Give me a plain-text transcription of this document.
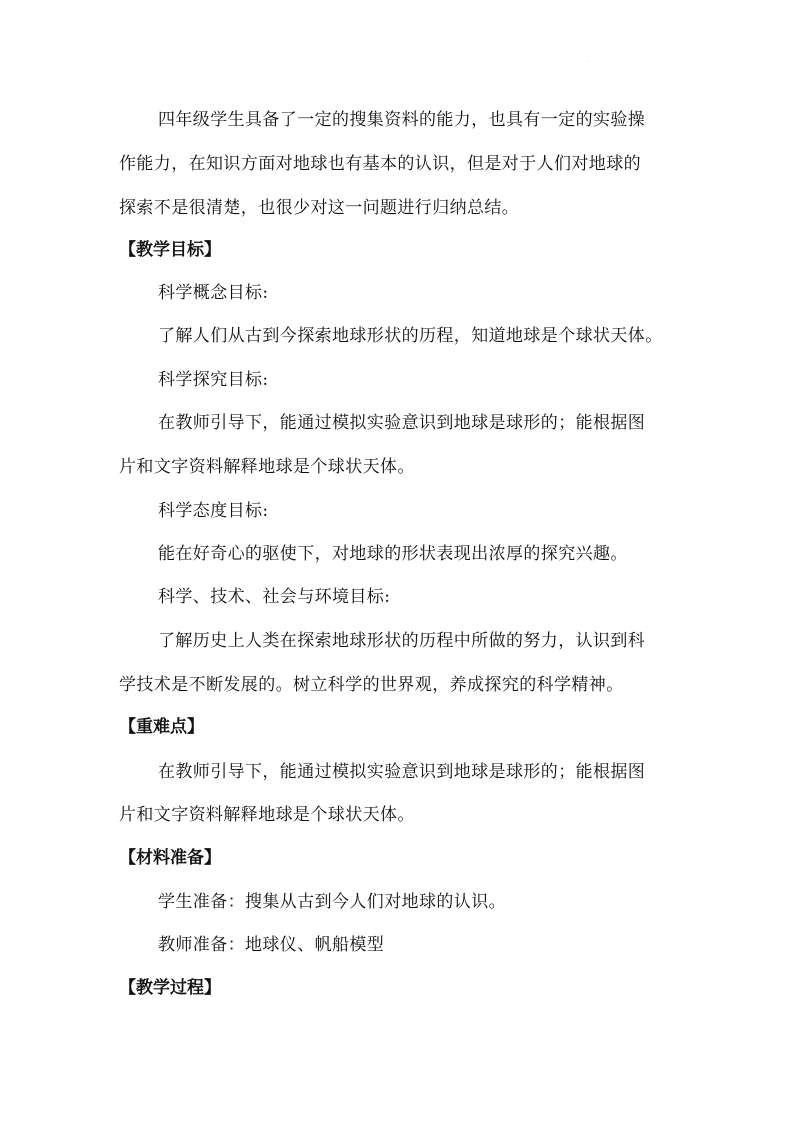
·
四年级学生具备了一定的搜集资料的能力，也具有一定的实验操
作能力，在知识方面对地球也有基本的认识，但是对于人们对地球的
探索不是很清楚，也很少对这一问题进行归纳总结。
【教学目标】
科学概念目标:
了解人们从古到今探索地球形状的历程，知道地球是个球状天体。
科学探究目标:
在教师引导下，能通过模拟实验意识到地球是球形的；能根据图
片和文字资料解释地球是个球状天体。
科学态度目标:
能在好奇心的驱使下，对地球的形状表现出浓厚的探究兴趣。
科学、技术、社会与环境目标:
了解历史上人类在探索地球形状的历程中所做的努力，认识到科
学技术是不断发展的。树立科学的世界观，养成探究的科学精神。
【重难点】
在教师引导下，能通过模拟实验意识到地球是球形的；能根据图
片和文字资料解释地球是个球状天体。
【材料准备】
学生准备：搜集从古到今人们对地球的认识。
教师准备：地球仪、帆船模型
【教学过程】
